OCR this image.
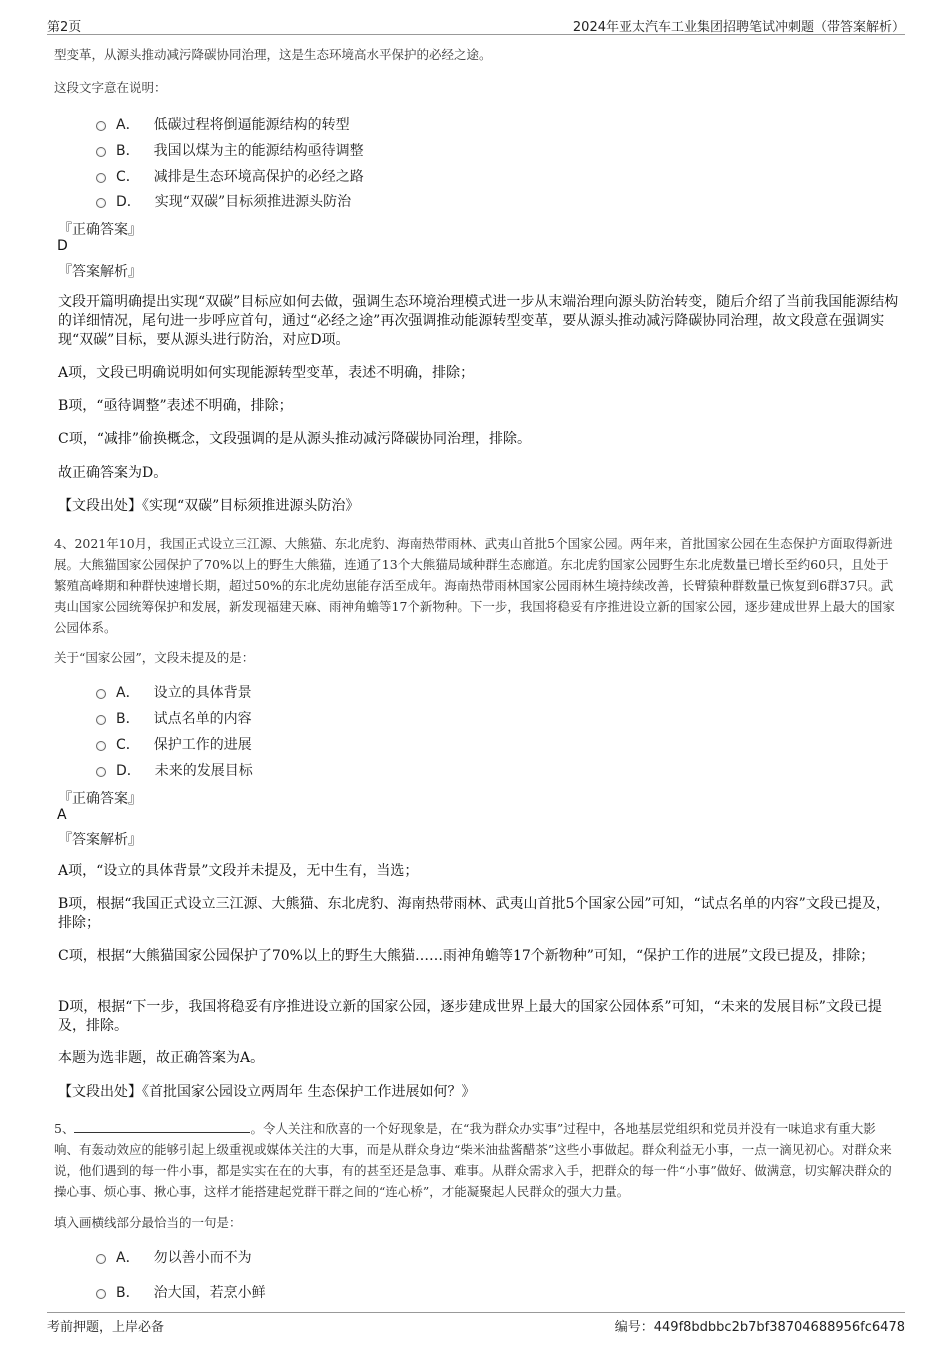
第2页	2024年亚太汽车工业集团招聘笔试冲刺题（带答案解析）
型变革，从源头推动减污降碳协同治理，这是生态环境高水平保护的必经之途。
这段文字意在说明：
A． 低碳过程将倒逼能源结构的转型
B． 我国以煤为主的能源结构亟待调整
C． 减排是生态环境高保护的必经之路
D． 实现“双碳”目标须推进源头防治
『正确答案』
D
『答案解析』
文段开篇明确提出实现“双碳”目标应如何去做，强调生态环境治理模式进一步从末端治理向源头防治转变，随后介绍了当前我国能源结构的详细情况，尾句进一步呼应首句，通过“必经之途”再次强调推动能源转型变革，要从源头推动减污降碳协同治理，故文段意在强调实现“双碳”目标，要从源头进行防治，对应D项。
A项，文段已明确说明如何实现能源转型变革，表述不明确，排除；
B项，“亟待调整”表述不明确，排除；
C项，“减排”偷换概念，文段强调的是从源头推动减污降碳协同治理，排除。
故正确答案为D。
【文段出处】《实现“双碳”目标须推进源头防治》
4、2021年10月，我国正式设立三江源、大熊猫、东北虎豹、海南热带雨林、武夷山首批5个国家公园。两年来，首批国家公园在生态保护方面取得新进展。大熊猫国家公园保护了70%以上的野生大熊猫，连通了13个大熊猫局域种群生态廊道。东北虎豹国家公园野生东北虎数量已增长至约60只，且处于繁殖高峰期和种群快速增长期，超过50%的东北虎幼崽能存活至成年。海南热带雨林国家公园雨林生境持续改善，长臂猿种群数量已恢复到6群37只。武夷山国家公园统筹保护和发展，新发现福建天麻、雨神角蟾等17个新物种。下一步，我国将稳妥有序推进设立新的国家公园，逐步建成世界上最大的国家公园体系。
关于“国家公园”，文段未提及的是：
A． 设立的具体背景
B． 试点名单的内容
C． 保护工作的进展
D． 未来的发展目标
『正确答案』
A
『答案解析』
A项，“设立的具体背景”文段并未提及，无中生有，当选；
B项，根据“我国正式设立三江源、大熊猫、东北虎豹、海南热带雨林、武夷山首批5个国家公园”可知，“试点名单的内容”文段已提及，排除；
C项，根据“大熊猫国家公园保护了70%以上的野生大熊猫……雨神角蟾等17个新物种”可知，“保护工作的进展”文段已提及，排除；
D项，根据“下一步，我国将稳妥有序推进设立新的国家公园，逐步建成世界上最大的国家公园体系”可知，“未来的发展目标”文段已提及，排除。
本题为选非题，故正确答案为A。
【文段出处】《首批国家公园设立两周年 生态保护工作进展如何？》
5、	。令人关注和欣喜的一个好现象是，在“我为群众办实事”过程中，各地基层党组织和党员并没有一味追求有重大影响、有轰动效应的能够引起上级重视或媒体关注的大事，而是从群众身边“柴米油盐酱醋茶”这些小事做起。群众利益无小事，一点一滴见初心。对群众来说，他们遇到的每一件小事，都是实实在在的大事，有的甚至还是急事、难事。从群众需求入手，把群众的每一件“小事”做好、做满意，切实解决群众的操心事、烦心事、揪心事，这样才能搭建起党群干群之间的“连心桥”，才能凝聚起人民群众的强大力量。
填入画横线部分最恰当的一句是：
A． 勿以善小而不为
B． 治大国，若烹小鲜
考前押题，上岸必备	编号：449f8bdbbc2b7bf38704688956fc6478
